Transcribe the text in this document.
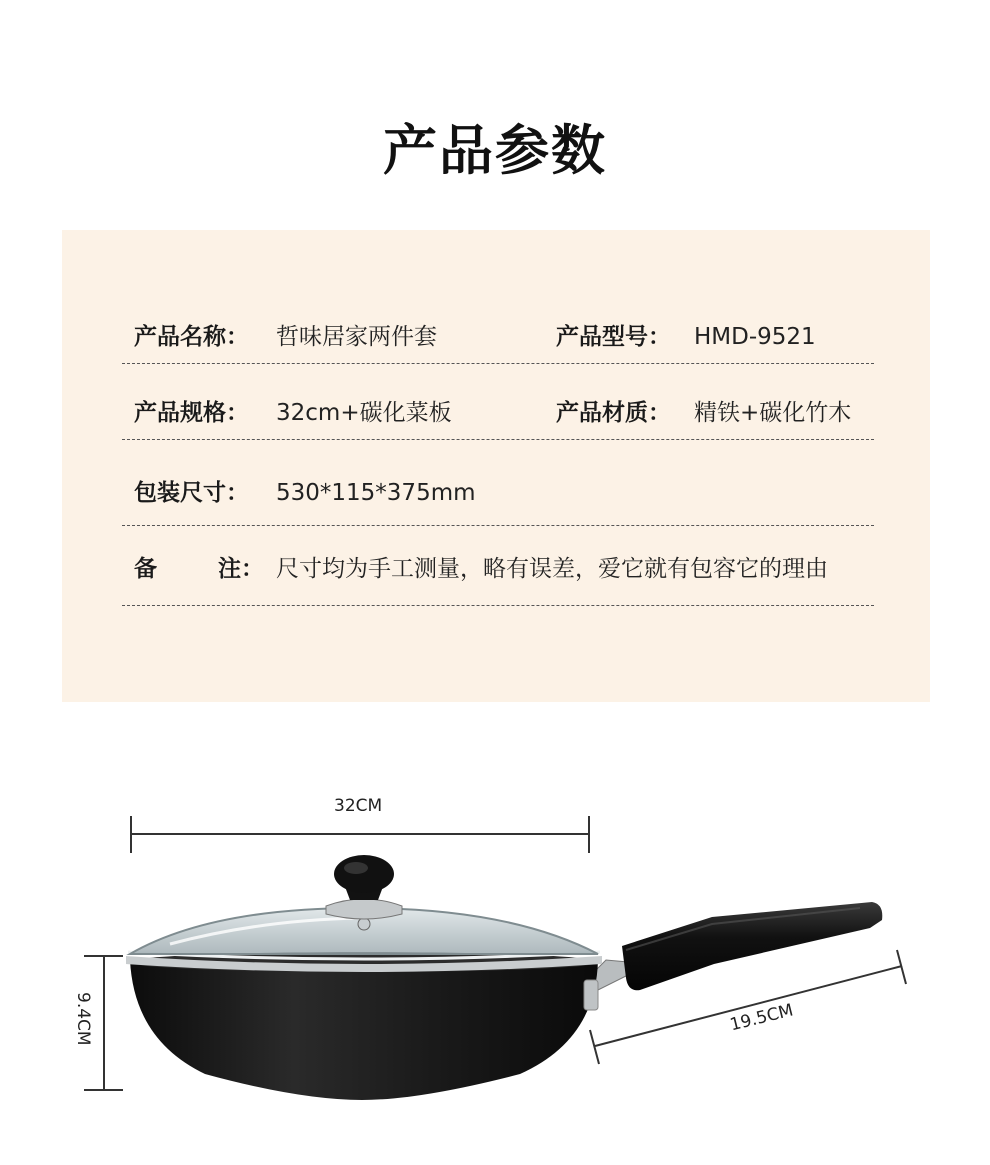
产品参数
产品名称： 哲味居家两件套	产品型号： HMD-9521
产品规格： 32cm+碳化菜板	产品材质： 精铁+碳化竹木
包装尺寸： 530*115*375mm
备	注： 尺寸均为手工测量，略有误差，爱它就有包容它的理由
32CM
9.4CM	19.5CM
